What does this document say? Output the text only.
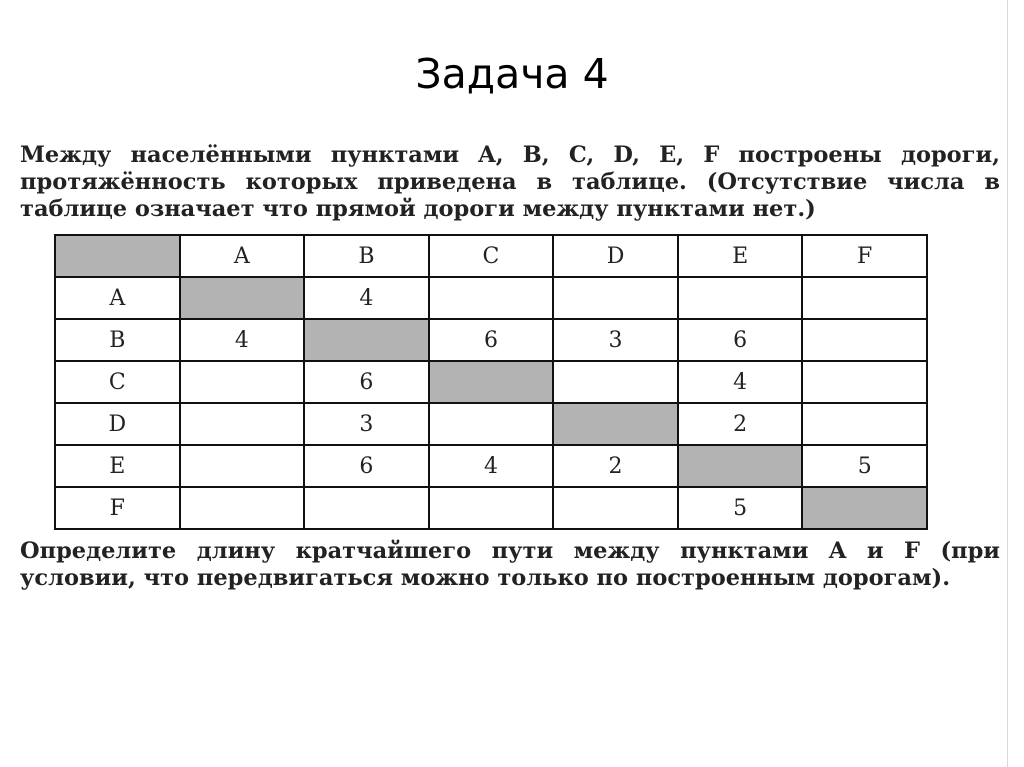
Задача 4
Между населёнными пунктами A, B, C, D, E, F построены дороги,
протяжённость которых приведена в таблице. (Отсутствие числа в
таблице означает что прямой дороги между пунктами нет.)
	A	B	C	D	E	F
A		4				
B	4		6	3	6	
C		6			4	
D		3			2	
E		6	4	2		5
F					5	
Определите длину кратчайшего пути между пунктами A и F (при
условии, что передвигаться можно только по построенным дорогам).
